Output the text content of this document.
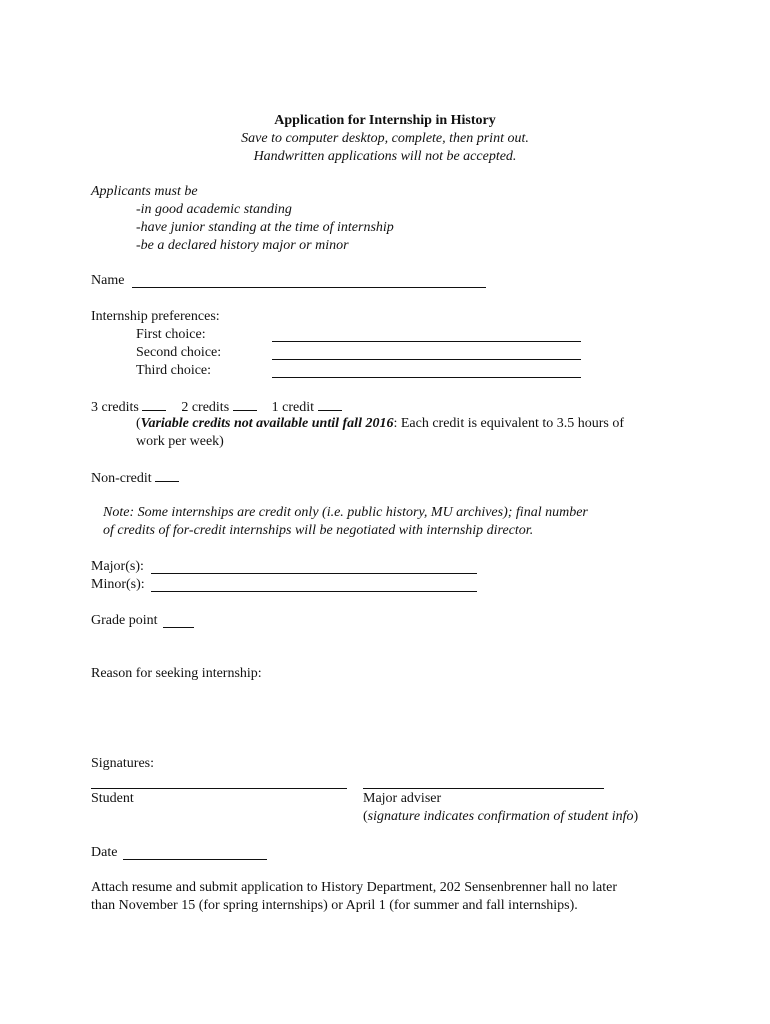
Application for Internship in History
Save to computer desktop, complete, then print out.
Handwritten applications will not be accepted.
Applicants must be
-in good academic standing
-have junior standing at the time of internship
-be a declared history major or minor
Name
Internship preferences:
First choice:
Second choice:
Third choice:
3 credits	2 credits	1 credit
(Variable credits not available until fall 2016: Each credit is equivalent to 3.5 hours of
work per week)
Non-credit
Note: Some internships are credit only (i.e. public history, MU archives); final number
of credits of for-credit internships will be negotiated with internship director.
Major(s):
Minor(s):
Grade point
Reason for seeking internship:
Signatures:
Student	Major adviser
(signature indicates confirmation of student info)
Date
Attach resume and submit application to History Department, 202 Sensenbrenner hall no later
than November 15 (for spring internships) or April 1 (for summer and fall internships).
